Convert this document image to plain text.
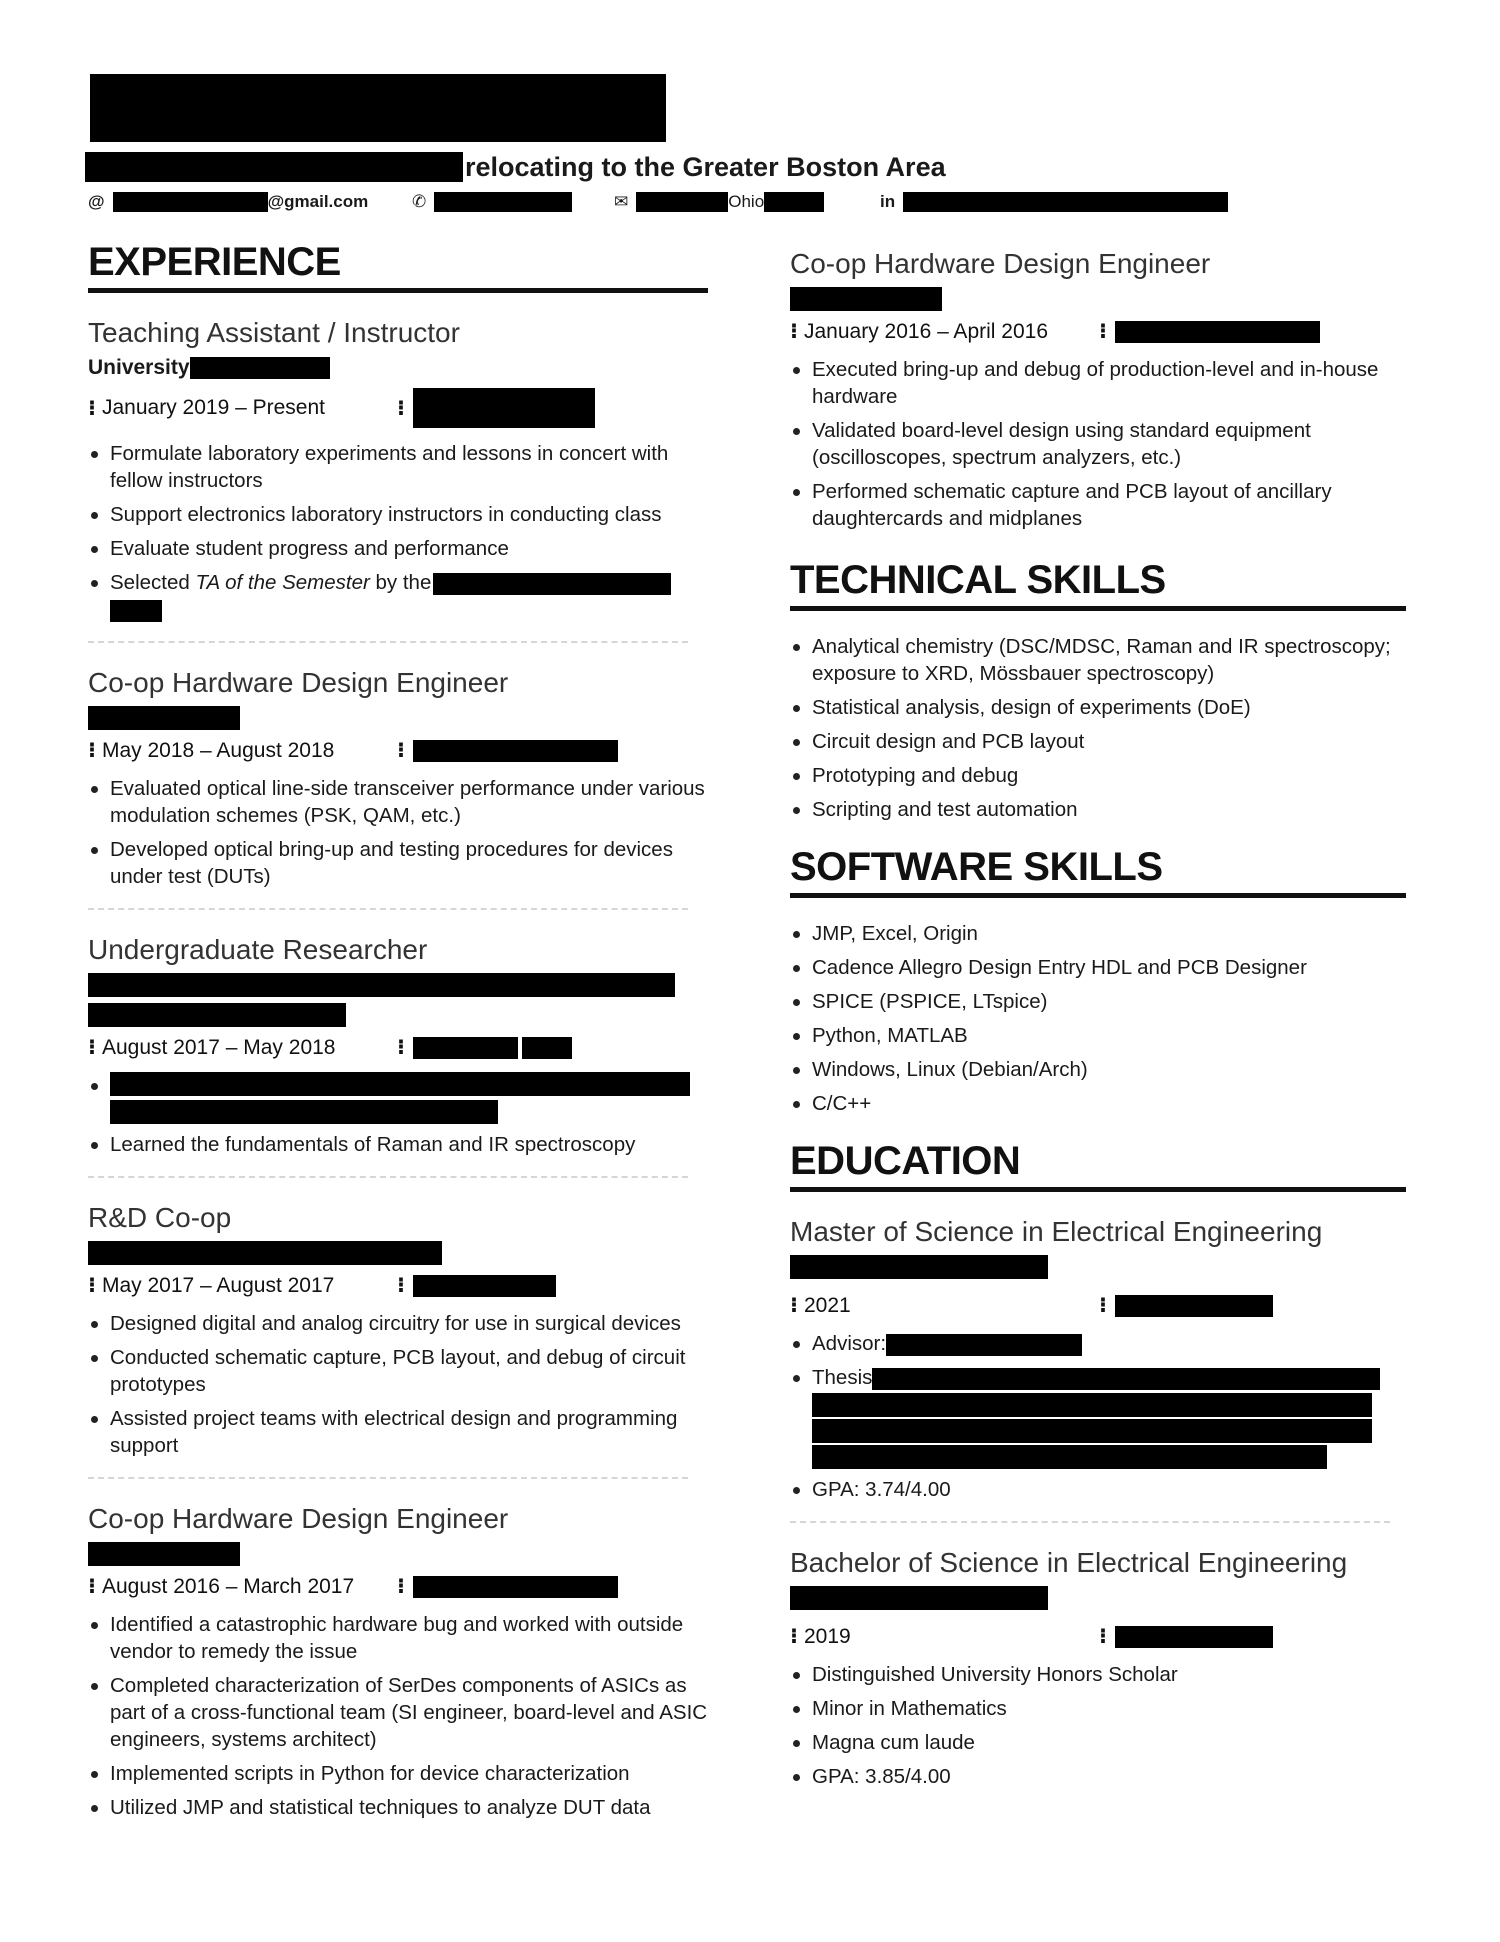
relocating to the Greater Boston Area
@	@gmail.com	✆	✉	Ohio	in
EXPERIENCE
Teaching Assistant / Instructor
University
⁝ January 2019 – Present	⁝
Formulate laboratory experiments and lessons in concert with fellow instructors
Support electronics laboratory instructors in conducting class
Evaluate student progress and performance
Selected TA of the Semester by the

Co-op Hardware Design Engineer
⁝ May 2018 – August 2018	⁝
Evaluated optical line-side transceiver performance under various modulation schemes (PSK, QAM, etc.)
Developed optical bring-up and testing procedures for devices under test (DUTs)
Undergraduate Researcher
⁝ August 2017 – May 2018	⁝
Learned the fundamentals of Raman and IR spectroscopy
R&D Co-op
⁝ May 2017 – August 2017	⁝
Designed digital and analog circuitry for use in surgical devices
Conducted schematic capture, PCB layout, and debug of circuit prototypes
Assisted project teams with electrical design and programming support
Co-op Hardware Design Engineer
⁝ August 2016 – March 2017	⁝
Identified a catastrophic hardware bug and worked with outside vendor to remedy the issue
Completed characterization of SerDes components of ASICs as part of a cross-functional team (SI engineer, board-level and ASIC engineers, systems architect)
Implemented scripts in Python for device characterization
Utilized JMP and statistical techniques to analyze DUT data
Co-op Hardware Design Engineer
⁝ January 2016 – April 2016	⁝
Executed bring-up and debug of production-level and in-house hardware
Validated board-level design using standard equipment (oscilloscopes, spectrum analyzers, etc.)
Performed schematic capture and PCB layout of ancillary daughtercards and midplanes
TECHNICAL SKILLS
Analytical chemistry (DSC/MDSC, Raman and IR spectroscopy; exposure to XRD, Mössbauer spectroscopy)
Statistical analysis, design of experiments (DoE)
Circuit design and PCB layout
Prototyping and debug
Scripting and test automation
SOFTWARE SKILLS
JMP, Excel, Origin
Cadence Allegro Design Entry HDL and PCB Designer
SPICE (PSPICE, LTspice)
Python, MATLAB
Windows, Linux (Debian/Arch)
C/C++
EDUCATION
Master of Science in Electrical Engineering
⁝ 2021	⁝
Advisor:
Thesis
GPA: 3.74/4.00
Bachelor of Science in Electrical Engineering
⁝ 2019	⁝
Distinguished University Honors Scholar
Minor in Mathematics
Magna cum laude
GPA: 3.85/4.00
